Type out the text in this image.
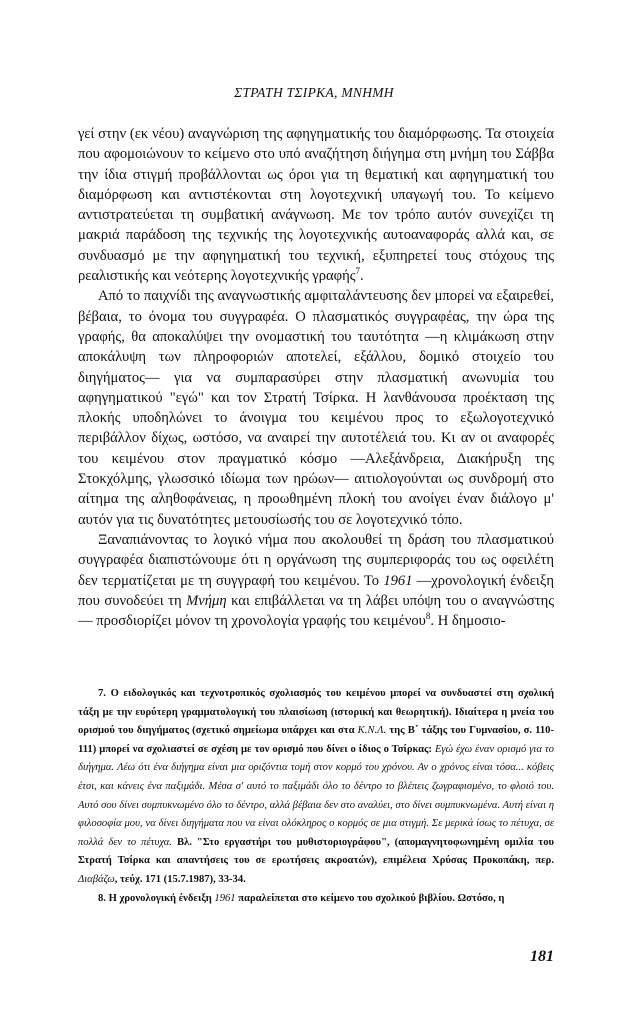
ΣΤΡΑΤΗ ΤΣΙΡΚΑ, ΜΝΗΜΗ

γεί στην (εκ νέου) αναγνώριση της αφηγηματικής του διαμόρφωσης. Τα στοιχεία που αφομοιώνουν το κείμενο στο υπό αναζήτηση διήγημα στη μνήμη του Σάββα την ίδια στιγμή προβάλλονται ως όροι για τη θεματική και αφηγηματική του διαμόρφωση και αντιστέκονται στη λογοτεχνική υπαγωγή του. Το κείμενο αντιστρατεύεται τη συμβατική ανάγνωση. Με τον τρόπο αυτόν συνεχίζει τη μακριά παράδοση της τεχνικής της λογοτεχνικής αυτοαναφοράς αλλά και, σε συνδυασμό με την αφηγηματική του τεχνική, εξυπηρετεί τους στόχους της ρεαλιστικής και νεότερης λογοτεχνικής γραφής$^7$.

Από το παιχνίδι της αναγνωστικής αμφιταλάντευσης δεν μπορεί να εξαιρεθεί, βέβαια, το όνομα του συγγραφέα. Ο πλασματικός συγγραφέας, την ώρα της γραφής, θα αποκαλύψει την ονομαστική του ταυτότητα —η κλιμάκωση στην αποκάλυψη των πληροφοριών αποτελεί, εξάλλου, δομικό στοιχείο του διηγήματος— για να συμπαρασύρει στην πλασματική ανωνυμία του αφηγηματικού "εγώ" και τον Στρατή Τσίρκα. Η λανθάνουσα προέκταση της πλοκής υποδηλώνει το άνοιγμα του κειμένου προς το εξωλογοτεχνικό περιβάλλον δίχως, ωστόσο, να αναιρεί την αυτοτέλειά του. Κι αν οι αναφορές του κειμένου στον πραγματικό κόσμο —Αλεξάνδρεια, Διακήρυξη της Στοκχόλμης, γλωσσικό ιδίωμα των ηρώων— αιτιολογούνται ως συνδρομή στο αίτημα της αληθοφάνειας, η προωθημένη πλοκή του ανοίγει έναν διάλογο μ' αυτόν για τις δυνατότητες μετουσίωσής του σε λογοτεχνικό τόπο.

Ξαναπιάνοντας το λογικό νήμα που ακολουθεί τη δράση του πλασματικού συγγραφέα διαπιστώνουμε ότι η οργάνωση της συμπεριφοράς του ως οφειλέτη δεν τερματίζεται με τη συγγραφή του κειμένου. Το 1961 —χρονολογική ένδειξη που συνοδεύει τη Μνήμη και επιβάλλεται να τη λάβει υπόψη του ο αναγνώστης— προσδιορίζει μόνον τη χρονολογία γραφής του κειμένου$^8$. Η δημοσιο-

7. Ο ειδολογικός και τεχνοτροπικός σχολιασμός του κειμένου μπορεί να συνδυαστεί στη σχολική τάξη με την ευρύτερη γραμματολογική του πλαισίωση (ιστορική και θεωρητική). Ιδιαίτερα η μνεία του ορισμού του διηγήματος (σχετικό σημείωμα υπάρχει και στα Κ.Ν.Λ. της Β΄ τάξης του Γυμνασίου, σ. 110-111) μπορεί να σχολιαστεί σε σχέση με τον ορισμό που δίνει ο ίδιος ο Τσίρκας: Εγώ έχω έναν ορισμό για το διήγημα. Λέω ότι ένα διήγημα είναι μια οριζόντια τομή στον κορμό του χρόνου. Αν ο χρόνος είναι τόσα... κόβεις έτσι, και κάνεις ένα παξιμάδι. Μέσα σ' αυτό το παξιμάδι όλο το δέντρο το βλέπεις ζωγραφισμένο, το φλοιό του. Αυτό σου δίνει συμπυκνωμένο όλο το δέντρο, αλλά βέβαια δεν στο αναλύει, στο δίνει συμπυκνωμένα. Αυτή είναι η φιλοσοφία μου, να δίνει διηγήματα που να είναι ολόκληρος ο κορμός σε μια στιγμή. Σε μερικά ίσως το πέτυχα, σε πολλά δεν το πέτυχα. Βλ. "Στο εργαστήρι του μυθιστοριογράφου", (απομαγνητοφωνημένη ομιλία του Στρατή Τσίρκα και απαντήσεις του σε ερωτήσεις ακροατών), επιμέλεια Χρύσας Προκοπάκη, περ. Διαβάζω, τεύχ. 171 (15.7.1987), 33-34.

8. Η χρονολογική ένδειξη 1961 παραλείπεται στο κείμενο του σχολικού βιβλίου. Ωστόσο, η

181
